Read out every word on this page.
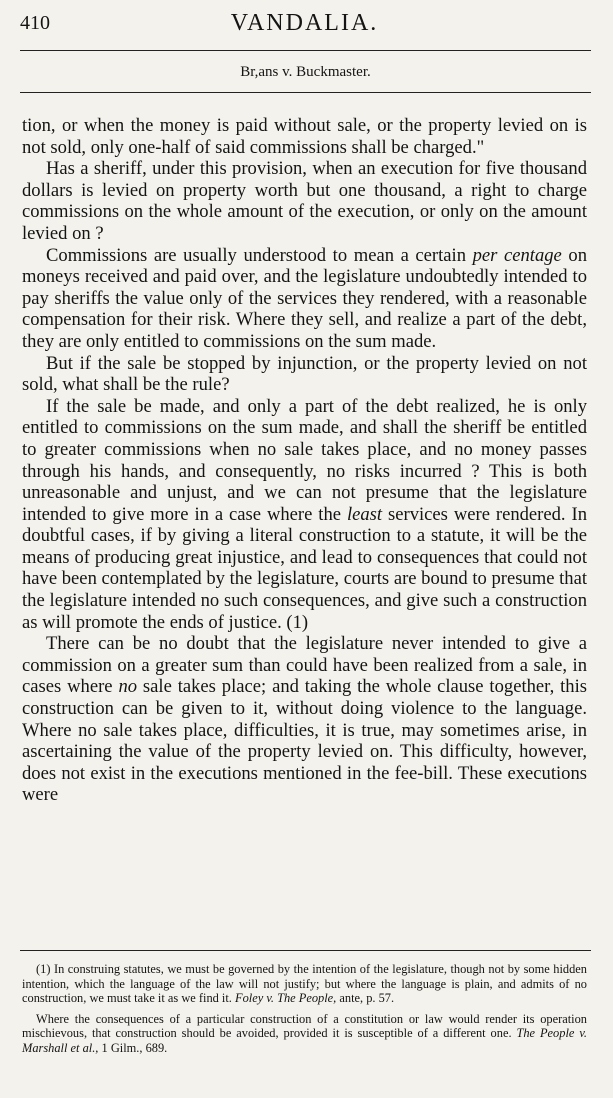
410	VANDALIA.
Br,ans v. Buckmaster.

tion, or when the money is paid without sale, or the property levied on is not sold, only one-half of said commissions shall be charged."

Has a sheriff, under this provision, when an execution for five thousand dollars is levied on property worth but one thousand, a right to charge commissions on the whole amount of the execution, or only on the amount levied on ?

Commissions are usually understood to mean a certain per centage on moneys received and paid over, and the legislature undoubtedly intended to pay sheriffs the value only of the services they rendered, with a reasonable compensation for their risk. Where they sell, and realize a part of the debt, they are only entitled to commissions on the sum made.

But if the sale be stopped by injunction, or the property levied on not sold, what shall be the rule?

If the sale be made, and only a part of the debt realized, he is only entitled to commissions on the sum made, and shall the sheriff be entitled to greater commissions when no sale takes place, and no money passes through his hands, and consequently, no risks incurred ? This is both unreasonable and unjust, and we can not presume that the legislature intended to give more in a case where the least services were rendered. In doubtful cases, if by giving a literal construction to a statute, it will be the means of producing great injustice, and lead to consequences that could not have been contemplated by the legislature, courts are bound to presume that the legislature intended no such consequences, and give such a construction as will promote the ends of justice. (1)

There can be no doubt that the legislature never intended to give a commission on a greater sum than could have been realized from a sale, in cases where no sale takes place; and taking the whole clause together, this construction can be given to it, without doing violence to the language. Where no sale takes place, difficulties, it is true, may sometimes arise, in ascertaining the value of the property levied on. This difficulty, however, does not exist in the executions mentioned in the fee-bill. These executions were

(1) In construing statutes, we must be governed by the intention of the legislature, though not by some hidden intention, which the language of the law will not justify; but where the language is plain, and admits of no construction, we must take it as we find it. Foley v. The People, ante, p. 57.

Where the consequences of a particular construction of a constitution or law would render its operation mischievous, that construction should be avoided, provided it is susceptible of a different one. The People v. Marshall et al., 1 Gilm., 689.
